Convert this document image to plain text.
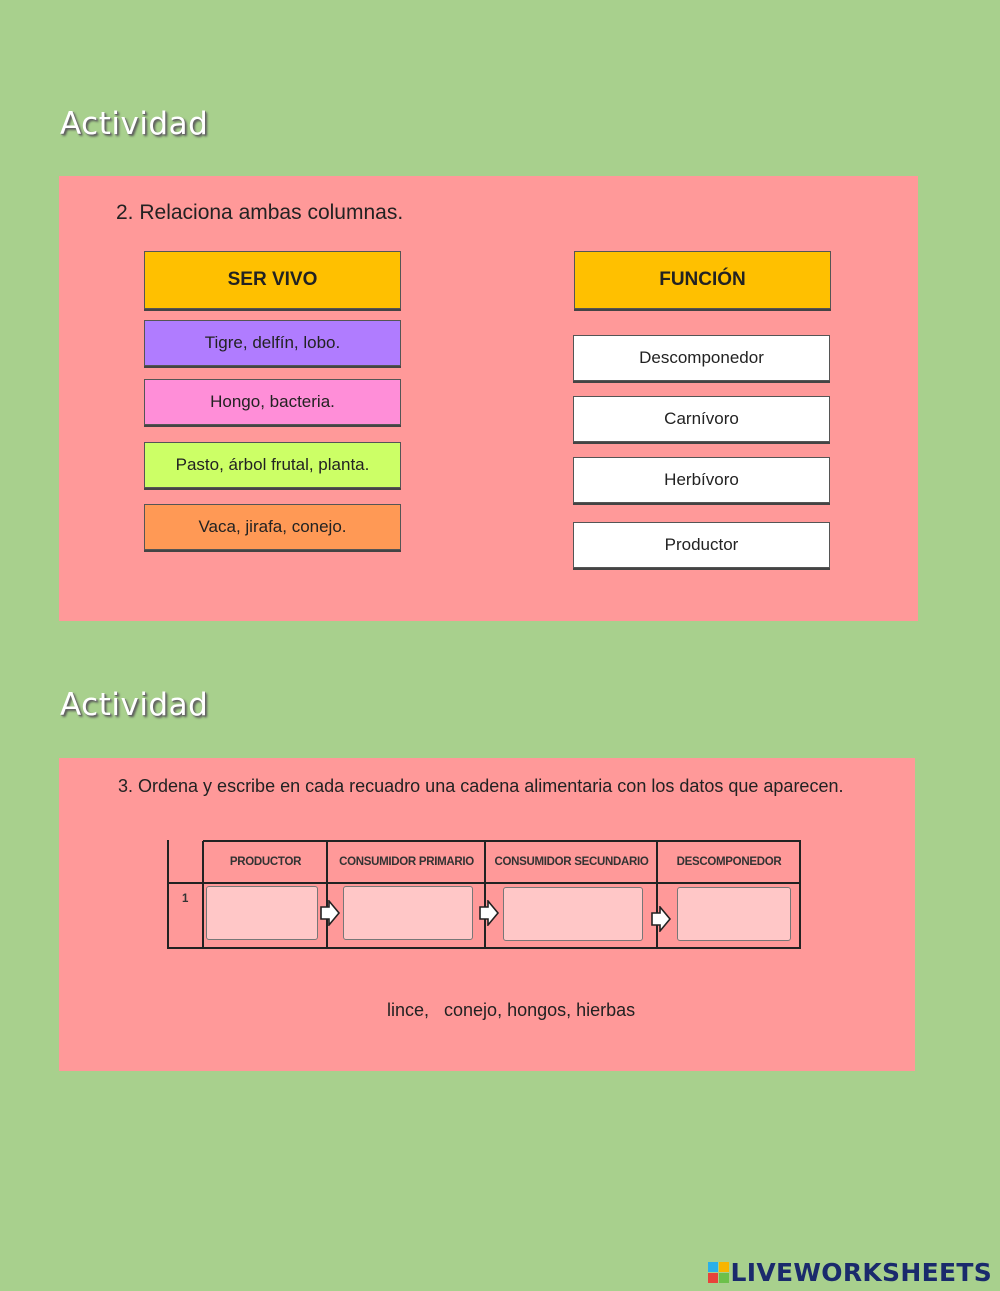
Actividad
2. Relaciona ambas columnas.
SER VIVO	FUNCIÓN
Tigre, delfín, lobo.
Hongo, bacteria.
Pasto, árbol frutal, planta.
Vaca, jirafa, conejo.
Descomponedor
Carnívoro
Herbívoro
Productor
Actividad
3. Ordena y escribe en cada recuadro una cadena alimentaria con los datos que aparecen.
PRODUCTOR	CONSUMIDOR PRIMARIO	CONSUMIDOR SECUNDARIO	DESCOMPONEDOR
1
lince,   conejo, hongos, hierbas
LIVEWORKSHEETS
